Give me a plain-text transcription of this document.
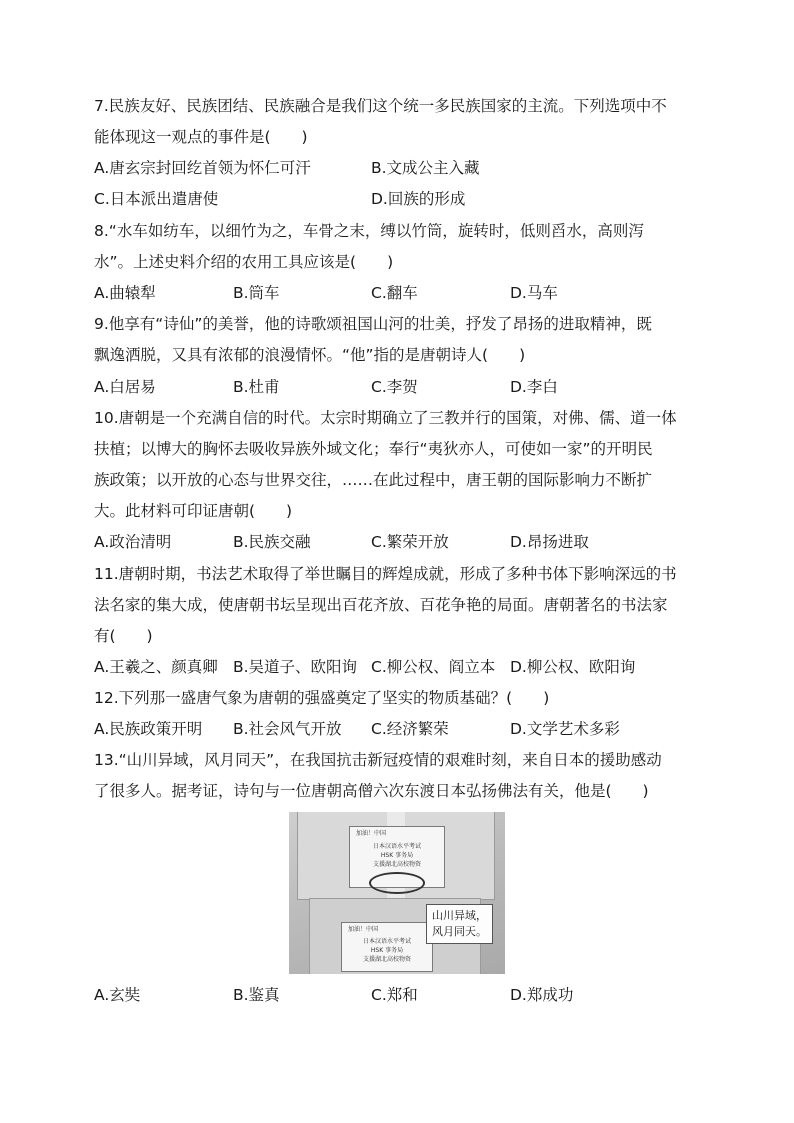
7.民族友好、民族团结、民族融合是我们这个统一多民族国家的主流。下列选项中不
能体现这一观点的事件是(　　)
A.唐玄宗封回纥首领为怀仁可汗	B.文成公主入藏
C.日本派出遣唐使	D.回族的形成
8.“水车如纺车，以细竹为之，车骨之末，缚以竹筒，旋转时，低则舀水，高则泻
水”。上述史料介绍的农用工具应该是(　　)
A.曲辕犁	B.筒车	C.翻车	D.马车
9.他享有“诗仙”的美誉，他的诗歌颂祖国山河的壮美，抒发了昂扬的进取精神，既
飘逸洒脱，又具有浓郁的浪漫情怀。“他”指的是唐朝诗人(　　)
A.白居易	B.杜甫	C.李贺	D.李白
10.唐朝是一个充满自信的时代。太宗时期确立了三教并行的国策，对佛、儒、道一体
扶植；以博大的胸怀去吸收异族外域文化；奉行“夷狄亦人，可使如一家”的开明民
族政策；以开放的心态与世界交往，……在此过程中，唐王朝的国际影响力不断扩
大。此材料可印证唐朝(　　)
A.政治清明	B.民族交融	C.繁荣开放	D.昂扬进取
11.唐朝时期，书法艺术取得了举世瞩目的辉煌成就，形成了多种书体下影响深远的书
法名家的集大成，使唐朝书坛呈现出百花齐放、百花争艳的局面。唐朝著名的书法家
有(　　)
A.王羲之、颜真卿 B.吴道子、欧阳询 C.柳公权、阎立本 D.柳公权、欧阳询
12.下列那一盛唐气象为唐朝的强盛奠定了坚实的物质基础？(　　)
A.民族政策开明 B.社会风气开放 C.经济繁荣	D.文学艺术多彩
13.“山川异域，风月同天”，在我国抗击新冠疫情的艰难时刻，来自日本的援助感动
了很多人。据考证，诗句与一位唐朝高僧六次东渡日本弘扬佛法有关，他是(　　)
加油！中国
日本汉语水平考试
HSK 事务局
支援湖北高校物资
加油！中国
日本汉语水平考试
HSK 事务局
支援湖北高校物资
山川异域，
风月同天。
A.玄奘	B.鉴真	C.郑和	D.郑成功
